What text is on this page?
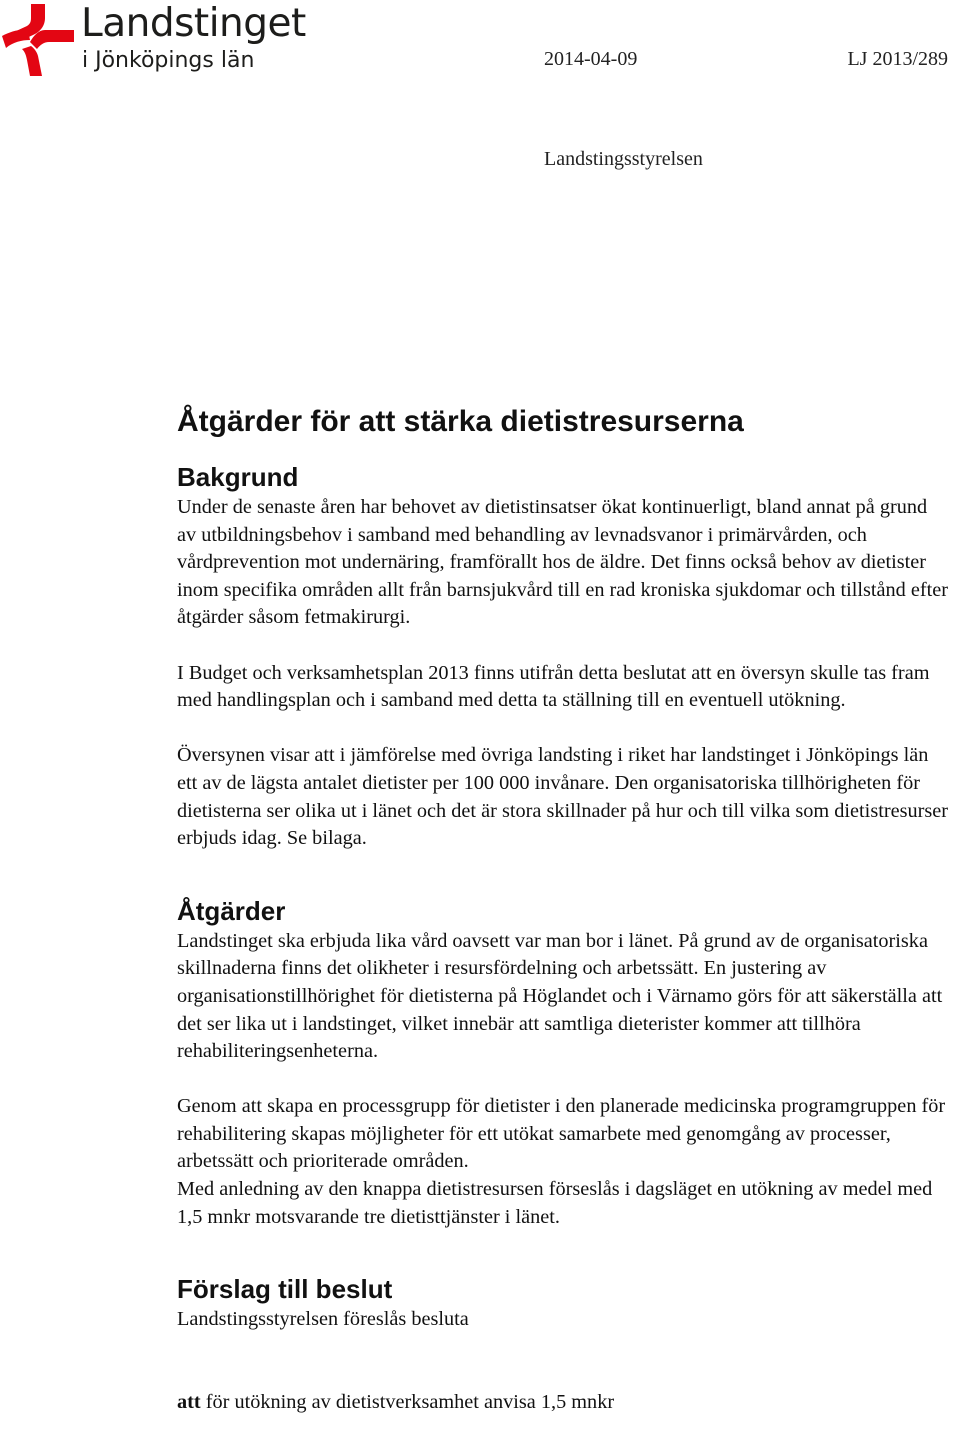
Landstinget
i Jönköpings län	2014-04-09	LJ 2013/289
Landstingsstyrelsen
Åtgärder för att stärka dietistresurserna
Bakgrund

Under de senaste åren har behovet av dietistinsatser ökat kontinuerligt, bland annat på grund av utbildningsbehov i samband med behandling av levnadsvanor i primärvården, och vårdprevention mot undernäring, framförallt hos de äldre. Det finns också behov av dietister inom specifika områden allt från barnsjukvård till en rad kroniska sjukdomar och tillstånd efter åtgärder såsom fetmakirurgi.

I Budget och verksamhetsplan 2013 finns utifrån detta beslutat att en översyn skulle tas fram med handlingsplan och i samband med detta ta ställning till en eventuell utökning.

Översynen visar att i jämförelse med övriga landsting i riket har landstinget i Jönköpings län ett av de lägsta antalet dietister per 100 000 invånare. Den organisatoriska tillhörigheten för dietisterna ser olika ut i länet och det är stora skillnader på hur och till vilka som dietistresurser erbjuds idag. Se bilaga.

Åtgärder

Landstinget ska erbjuda lika vård oavsett var man bor i länet. På grund av de organisatoriska skillnaderna finns det olikheter i resursfördelning och arbetssätt. En justering av organisationstillhörighet för dietisterna på Höglandet och i Värnamo görs för att säkerställa att det ser lika ut i landstinget, vilket innebär att samtliga dieterister kommer att tillhöra rehabiliteringsenheterna.

Genom att skapa en processgrupp för dietister i den planerade medicinska programgruppen för rehabilitering skapas möjligheter för ett utökat samarbete med genomgång av processer, arbetssätt och prioriterade områden.

Med anledning av den knappa dietistresursen förseslås i dagsläget en utökning av medel med 1,5 mnkr motsvarande tre dietisttjänster i länet.

Förslag till beslut

Landstingsstyrelsen föreslås besluta

att för utökning av dietistverksamhet anvisa 1,5 mnkr
